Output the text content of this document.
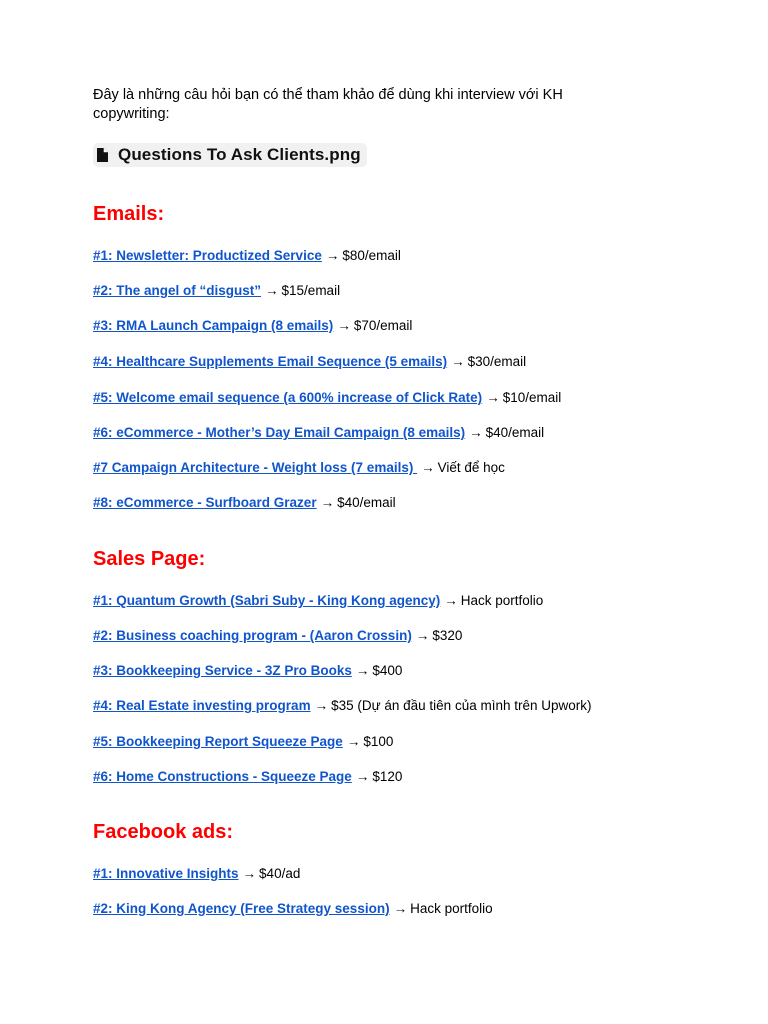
Đây là những câu hỏi bạn có thể tham khảo để dùng khi interview với KH copywriting:
Questions To Ask Clients.png
Emails:
#1: Newsletter: Productized Service → $80/email
#2: The angel of “disgust” → $15/email
#3: RMA Launch Campaign (8 emails) → $70/email
#4: Healthcare Supplements Email Sequence (5 emails) → $30/email
#5: Welcome email sequence (a 600% increase of Click Rate) → $10/email
#6: eCommerce - Mother’s Day Email Campaign (8 emails) → $40/email
#7 Campaign Architecture - Weight loss (7 emails) → Viết để học
#8: eCommerce - Surfboard Grazer → $40/email
Sales Page:
#1: Quantum Growth (Sabri Suby - King Kong agency) → Hack portfolio
#2: Business coaching program - (Aaron Crossin) → $320
#3: Bookkeeping Service - 3Z Pro Books → $400
#4: Real Estate investing program → $35 (Dự án đầu tiên của mình trên Upwork)
#5: Bookkeeping Report Squeeze Page → $100
#6: Home Constructions - Squeeze Page → $120
Facebook ads:
#1: Innovative Insights → $40/ad
#2: King Kong Agency (Free Strategy session) → Hack portfolio
